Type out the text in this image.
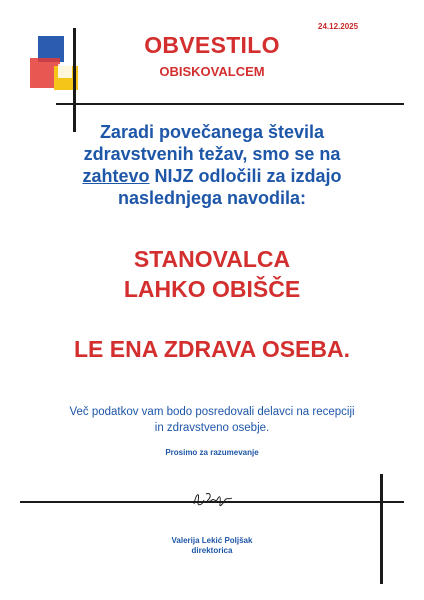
24.12.2025
OBVESTILO
OBISKOVALCEM
Zaradi povečanega števila
zdravstvenih težav, smo se na
zahtevo NIJZ odločili za izdajo
naslednjega navodila:
STANOVALCA
LAHKO OBIŠČE
LE ENA ZDRAVA OSEBA.
Več podatkov vam bodo posredovali delavci na recepciji
in zdravstveno osebje.
Prosimo za razumevanje
Valerija Lekić Poljšak
direktorica
